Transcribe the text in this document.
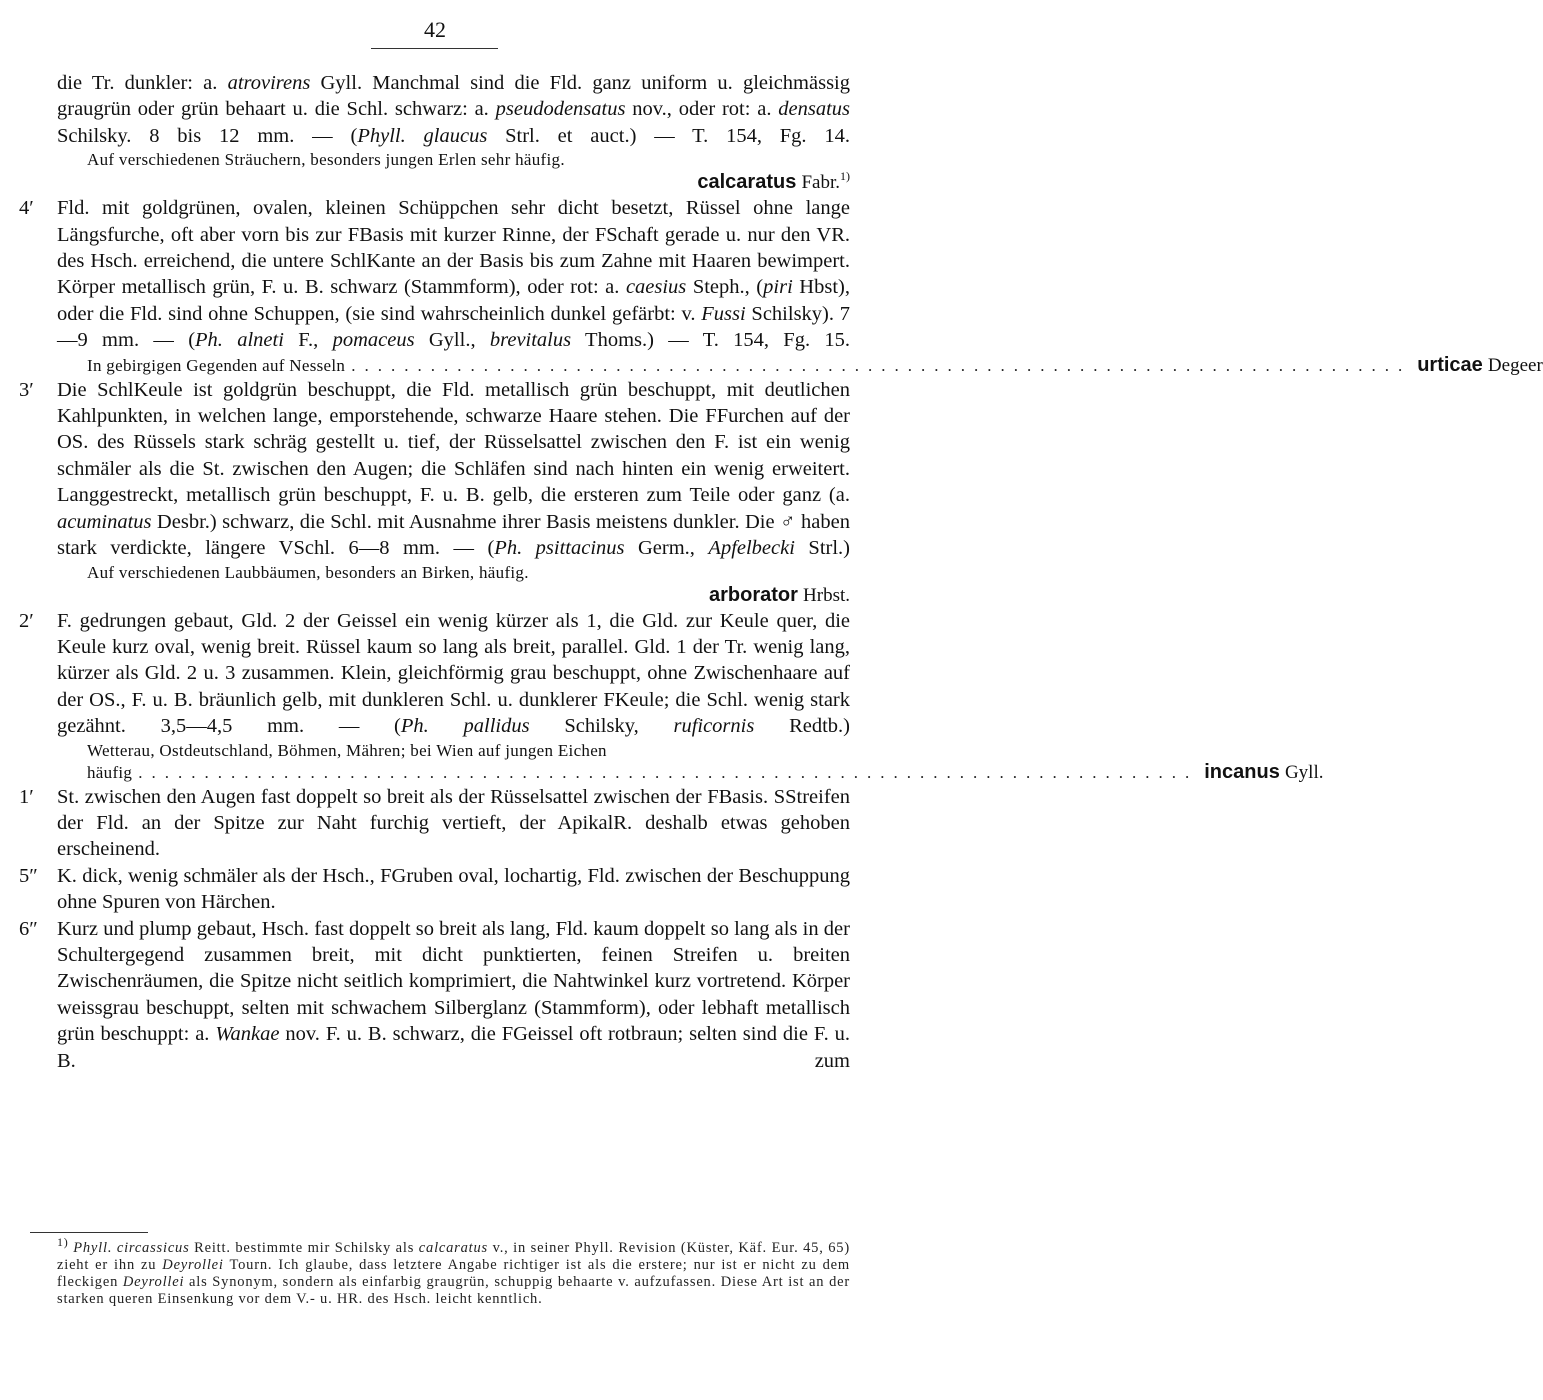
42
die Tr. dunkler: a. atrovirens Gyll. Manchmal sind die Fld. ganz uniform u. gleichmässig graugrün oder grün behaart u. die Schl. schwarz: a. pseudodensatus nov., oder rot: a. densatus Schilsky. 8 bis 12 mm. — (Phyll. glaucus Strl. et auct.) — T. 154, Fg. 14.
Auf verschiedenen Sträuchern, besonders jungen Erlen sehr häufig.
calcaratus Fabr.$^{1)}$
4′	Fld. mit goldgrünen, ovalen, kleinen Schüppchen sehr dicht besetzt, Rüssel ohne lange Längsfurche, oft aber vorn bis zur FBasis mit kurzer Rinne, der FSchaft gerade u. nur den VR. des Hsch. erreichend, die untere SchlKante an der Basis bis zum Zahne mit Haaren bewimpert. Körper metallisch grün, F. u. B. schwarz (Stammform), oder rot: a. caesius Steph., (piri Hbst), oder die Fld. sind ohne Schuppen, (sie sind wahrscheinlich dunkel gefärbt: v. Fussi Schilsky). 7—9 mm. — (Ph. alneti F., pomaceus Gyll., brevitalus Thoms.) — T. 154, Fg. 15.
In gebirgigen Gegenden auf Nesseln ................................................................................ urticae Degeer
3′	Die SchlKeule ist goldgrün beschuppt, die Fld. metallisch grün beschuppt, mit deutlichen Kahlpunkten, in welchen lange, emporstehende, schwarze Haare stehen. Die FFurchen auf der OS. des Rüssels stark schräg gestellt u. tief, der Rüsselsattel zwischen den F. ist ein wenig schmäler als die St. zwischen den Augen; die Schläfen sind nach hinten ein wenig erweitert. Langgestreckt, metallisch grün beschuppt, F. u. B. gelb, die ersteren zum Teile oder ganz (a. acuminatus Desbr.) schwarz, die Schl. mit Ausnahme ihrer Basis meistens dunkler. Die ♂ haben stark verdickte, längere VSchl. 6—8 mm. — (Ph. psittacinus Germ., Apfelbecki Strl.)
Auf verschiedenen Laubbäumen, besonders an Birken, häufig.
arborator Hrbst.
2′	F. gedrungen gebaut, Gld. 2 der Geissel ein wenig kürzer als 1, die Gld. zur Keule quer, die Keule kurz oval, wenig breit. Rüssel kaum so lang als breit, parallel. Gld. 1 der Tr. wenig lang, kürzer als Gld. 2 u. 3 zusammen. Klein, gleichförmig grau beschuppt, ohne Zwischenhaare auf der OS., F. u. B. bräunlich gelb, mit dunkleren Schl. u. dunklerer FKeule; die Schl. wenig stark gezähnt. 3,5—4,5 mm. — (Ph. pallidus Schilsky, ruficornis Redtb.)
Wetterau, Ostdeutschland, Böhmen, Mähren; bei Wien auf jungen Eichen
häufig ................................................................................ incanus Gyll.
1′	St. zwischen den Augen fast doppelt so breit als der Rüsselsattel zwischen der FBasis. SStreifen der Fld. an der Spitze zur Naht furchig vertieft, der ApikalR. deshalb etwas gehoben erscheinend.
5″ K. dick, wenig schmäler als der Hsch., FGruben oval, lochartig, Fld. zwischen der Beschuppung ohne Spuren von Härchen.
6″ Kurz und plump gebaut, Hsch. fast doppelt so breit als lang, Fld. kaum doppelt so lang als in der Schultergegend zusammen breit, mit dicht punktierten, feinen Streifen u. breiten Zwischenräumen, die Spitze nicht seitlich komprimiert, die Nahtwinkel kurz vortretend. Körper weissgrau beschuppt, selten mit schwachem Silberglanz (Stammform), oder lebhaft metallisch grün beschuppt: a. Wankae nov. F. u. B. schwarz, die FGeissel oft rotbraun; selten sind die F. u. B. zum
$^{1)}$ Phyll. circassicus Reitt. bestimmte mir Schilsky als calcaratus v., in seiner Phyll. Revision (Küster, Käf. Eur. 45, 65) zieht er ihn zu Deyrollei Tourn. Ich glaube, dass letztere Angabe richtiger ist als die erstere; nur ist er nicht zu dem fleckigen Deyrollei als Synonym, sondern als einfarbig graugrün, schuppig behaarte v. aufzufassen. Diese Art ist an der starken queren Einsenkung vor dem V.- u. HR. des Hsch. leicht kenntlich.
